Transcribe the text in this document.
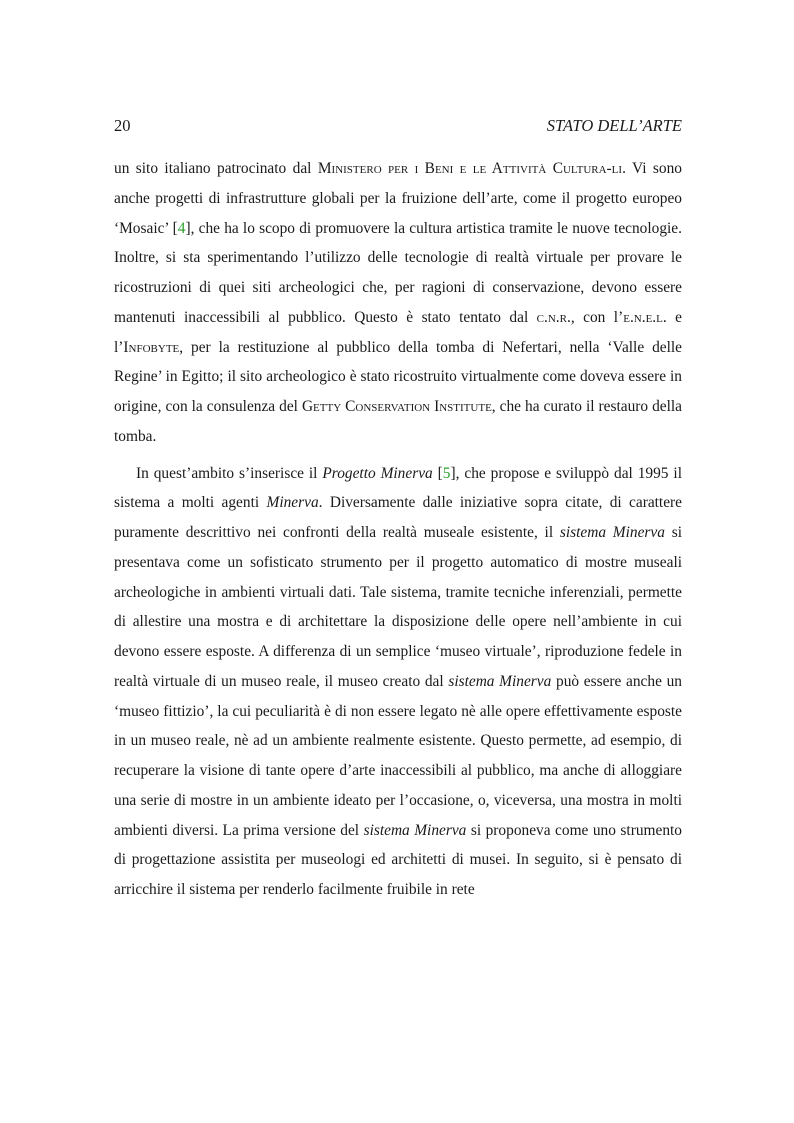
20	STATO DELL’ARTE

un sito italiano patrocinato dal Ministero per i Beni e le Attività Cultura-li. Vi sono anche progetti di infrastrutture globali per la fruizione dell’arte, come il progetto europeo ‘Mosaic’ [4], che ha lo scopo di promuovere la cultura artistica tramite le nuove tecnologie. Inoltre, si sta sperimentando l’utilizzo delle tecnologie di realtà virtuale per provare le ricostruzioni di quei siti archeologici che, per ragioni di conservazione, devono essere mantenuti inaccessibili al pubblico. Questo è stato tentato dal c.n.r., con l’e.n.e.l. e l’Infobyte, per la restituzione al pubblico della tomba di Nefertari, nella ‘Valle delle Regine’ in Egitto; il sito archeologico è stato ricostruito virtualmente come doveva essere in origine, con la consulenza del Getty Conservation Institute, che ha curato il restauro della tomba.

In quest’ambito s’inserisce il Progetto Minerva [5], che propose e sviluppò dal 1995 il sistema a molti agenti Minerva. Diversamente dalle iniziative sopra citate, di carattere puramente descrittivo nei confronti della realtà museale esistente, il sistema Minerva si presentava come un sofisticato strumento per il progetto automatico di mostre museali archeologiche in ambienti virtuali dati. Tale sistema, tramite tecniche inferenziali, permette di allestire una mostra e di architettare la disposizione delle opere nell’ambiente in cui devono essere esposte. A differenza di un semplice ‘museo virtuale’, riproduzione fedele in realtà virtuale di un museo reale, il museo creato dal sistema Minerva può essere anche un ‘museo fittizio’, la cui peculiarità è di non essere legato nè alle opere effettivamente esposte in un museo reale, nè ad un ambiente realmente esistente. Questo permette, ad esempio, di recuperare la visione di tante opere d’arte inaccessibili al pubblico, ma anche di alloggiare una serie di mostre in un ambiente ideato per l’occasione, o, viceversa, una mostra in molti ambienti diversi. La prima versione del sistema Minerva si proponeva come uno strumento di progettazione assistita per museologi ed architetti di musei. In seguito, si è pensato di arricchire il sistema per renderlo facilmente fruibile in rete
